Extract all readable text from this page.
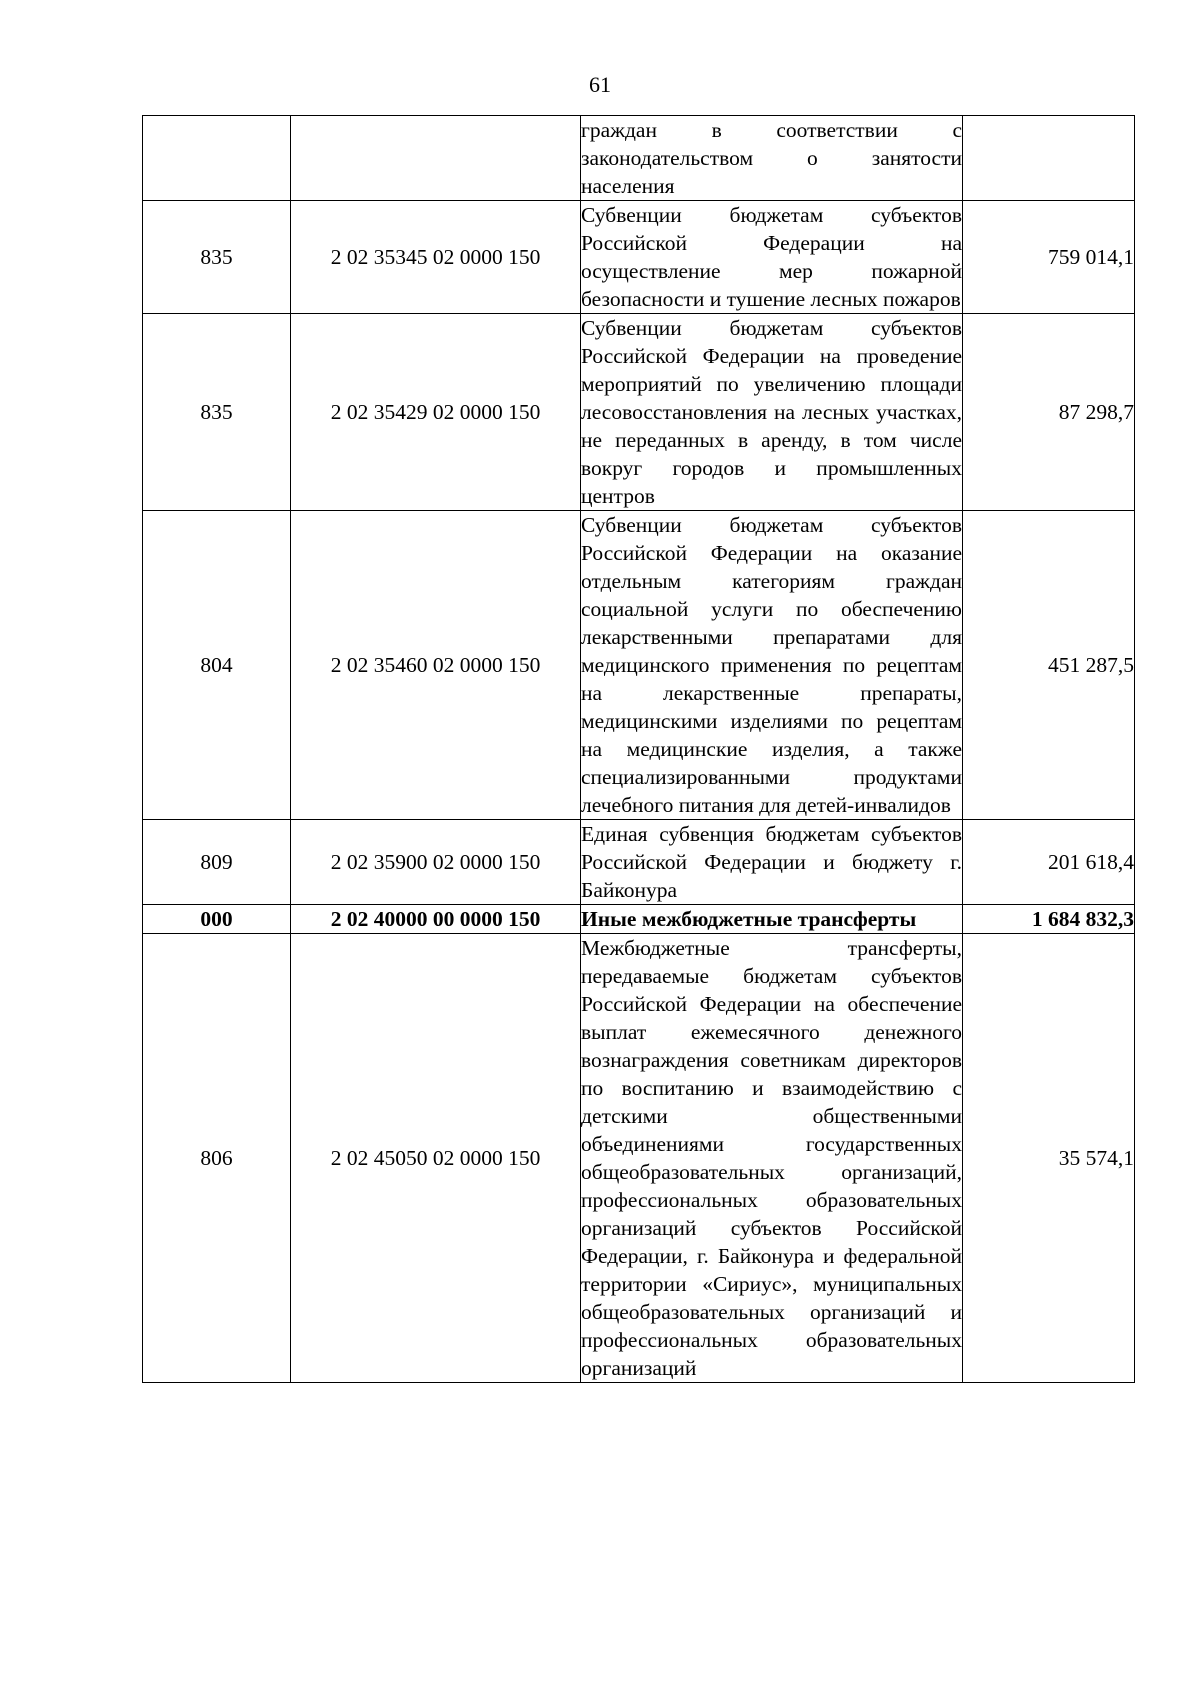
61
		граждан в соответствии с законодательством о занятости населения	
835	2 02 35345 02 0000 150	Субвенции бюджетам субъектов Российской Федерации на осуществление мер пожарной безопасности и тушение лесных пожаров	759 014,1
835	2 02 35429 02 0000 150	Субвенции бюджетам субъектов Российской Федерации на проведение мероприятий по увеличению площади лесовосстановления на лесных участках, не переданных в аренду, в том числе вокруг городов и промышленных центров	87 298,7
804	2 02 35460 02 0000 150	Субвенции бюджетам субъектов Российской Федерации на оказание отдельным категориям граждан социальной услуги по обеспечению лекарственными препаратами для медицинского применения по рецептам на лекарственные препараты, медицинскими изделиями по рецептам на медицинские изделия, а также специализированными продуктами лечебного питания для детей-инвалидов	451 287,5
809	2 02 35900 02 0000 150	Единая субвенция бюджетам субъектов Российской Федерации и бюджету г. Байконура	201 618,4
000	2 02 40000 00 0000 150	Иные межбюджетные трансферты	1 684 832,3
806	2 02 45050 02 0000 150	Межбюджетные трансферты, передаваемые бюджетам субъектов Российской Федерации на обеспечение выплат ежемесячного денежного вознаграждения советникам директоров по воспитанию и взаимодействию с детскими общественными объединениями государственных общеобразовательных организаций, профессиональных образовательных организаций субъектов Российской Федерации, г. Байконура и федеральной территории «Сириус», муниципальных общеобразовательных организаций и профессиональных образовательных организаций	35 574,1
